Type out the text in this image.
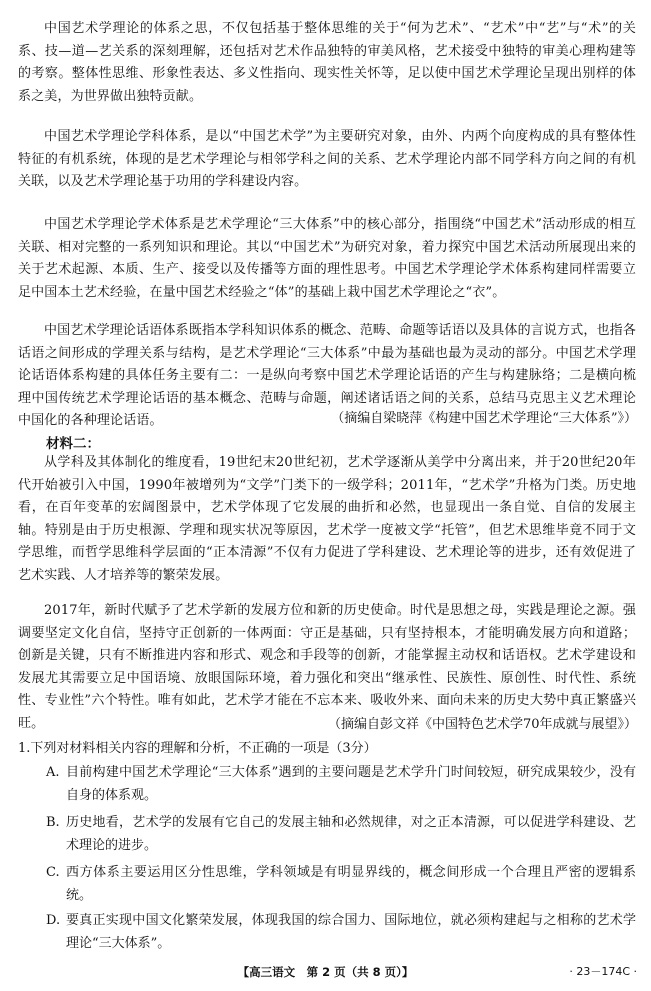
中国艺术学理论的体系之思，不仅包括基于整体思维的关于“何为艺术”、“艺术”中“艺”与“术”的关系、技—道—艺关系的深刻理解，还包括对艺术作品独特的审美风格，艺术接受中独特的审美心理构建等的考察。整体性思维、形象性表达、多义性指向、现实性关怀等，足以使中国艺术学理论呈现出别样的体系之美，为世界做出独特贡献。

中国艺术学理论学科体系，是以“中国艺术学”为主要研究对象，由外、内两个向度构成的具有整体性特征的有机系统，体现的是艺术学理论与相邻学科之间的关系、艺术学理论内部不同学科方向之间的有机关联，以及艺术学理论基于功用的学科建设内容。

中国艺术学理论学术体系是艺术学理论“三大体系”中的核心部分，指围绕“中国艺术”活动形成的相互关联、相对完整的一系列知识和理论。其以“中国艺术”为研究对象，着力探究中国艺术活动所展现出来的关于艺术起源、本质、生产、接受以及传播等方面的理性思考。中国艺术学理论学术体系构建同样需要立足中国本土艺术经验，在量中国艺术经验之“体”的基础上栽中国艺术学理论之“衣”。

中国艺术学理论话语体系既指本学科知识体系的概念、范畴、命题等话语以及具体的言说方式，也指各话语之间形成的学理关系与结构，是艺术学理论“三大体系”中最为基础也最为灵动的部分。中国艺术学理论话语体系构建的具体任务主要有二：一是纵向考察中国艺术学理论话语的产生与构建脉络；二是横向梳理中国传统艺术学理论话语的基本概念、范畴与命题，阐述诸话语之间的关系，总结马克思主义艺术理论中国化的各种理论话语。	（摘编自梁晓萍《构建中国艺术学理论“三大体系”》）

材料二：

从学科及其体制化的维度看，19世纪末20世纪初，艺术学逐渐从美学中分离出来，并于20世纪20年代开始被引入中国，1990年被增列为“文学”门类下的一级学科；2011年，“艺术学”升格为门类。历史地看，在百年变革的宏阔图景中，艺术学体现了它发展的曲折和必然，也显现出一条自觉、自信的发展主轴。特别是由于历史根源、学理和现实状况等原因，艺术学一度被文学“托管”，但艺术思维毕竟不同于文学思维，而哲学思维科学层面的“正本清源”不仅有力促进了学科建设、艺术理论等的进步，还有效促进了艺术实践、人才培养等的繁荣发展。

2017年，新时代赋予了艺术学新的发展方位和新的历史使命。时代是思想之母，实践是理论之源。强调要坚定文化自信，坚持守正创新的一体两面：守正是基础，只有坚持根本，才能明确发展方向和道路；创新是关键，只有不断推进内容和形式、观念和手段等的创新，才能掌握主动权和话语权。艺术学建设和发展尤其需要立足中国语境、放眼国际环境，着力强化和突出“继承性、民族性、原创性、时代性、系统性、专业性”六个特性。唯有如此，艺术学才能在不忘本来、吸收外来、面向未来的历史大势中真正繁盛兴旺。	（摘编自彭文祥《中国特色艺术学70年成就与展望》）

1.下列对材料相关内容的理解和分析，不正确的一项是（3分）

A. 目前构建中国艺术学理论“三大体系”遇到的主要问题是艺术学升门时间较短，研究成果较少，没有自身的体系观。
B. 历史地看，艺术学的发展有它自己的发展主轴和必然规律，对之正本清源，可以促进学科建设、艺术理论的进步。
C. 西方体系主要运用区分性思维，学科领域是有明显界线的，概念间形成一个合理且严密的逻辑系统。
D. 要真正实现中国文化繁荣发展，体现我国的综合国力、国际地位，就必须构建起与之相称的艺术学理论“三大体系”。
【高三语文　第 2 页（共 8 页）】	· 23－174C ·
